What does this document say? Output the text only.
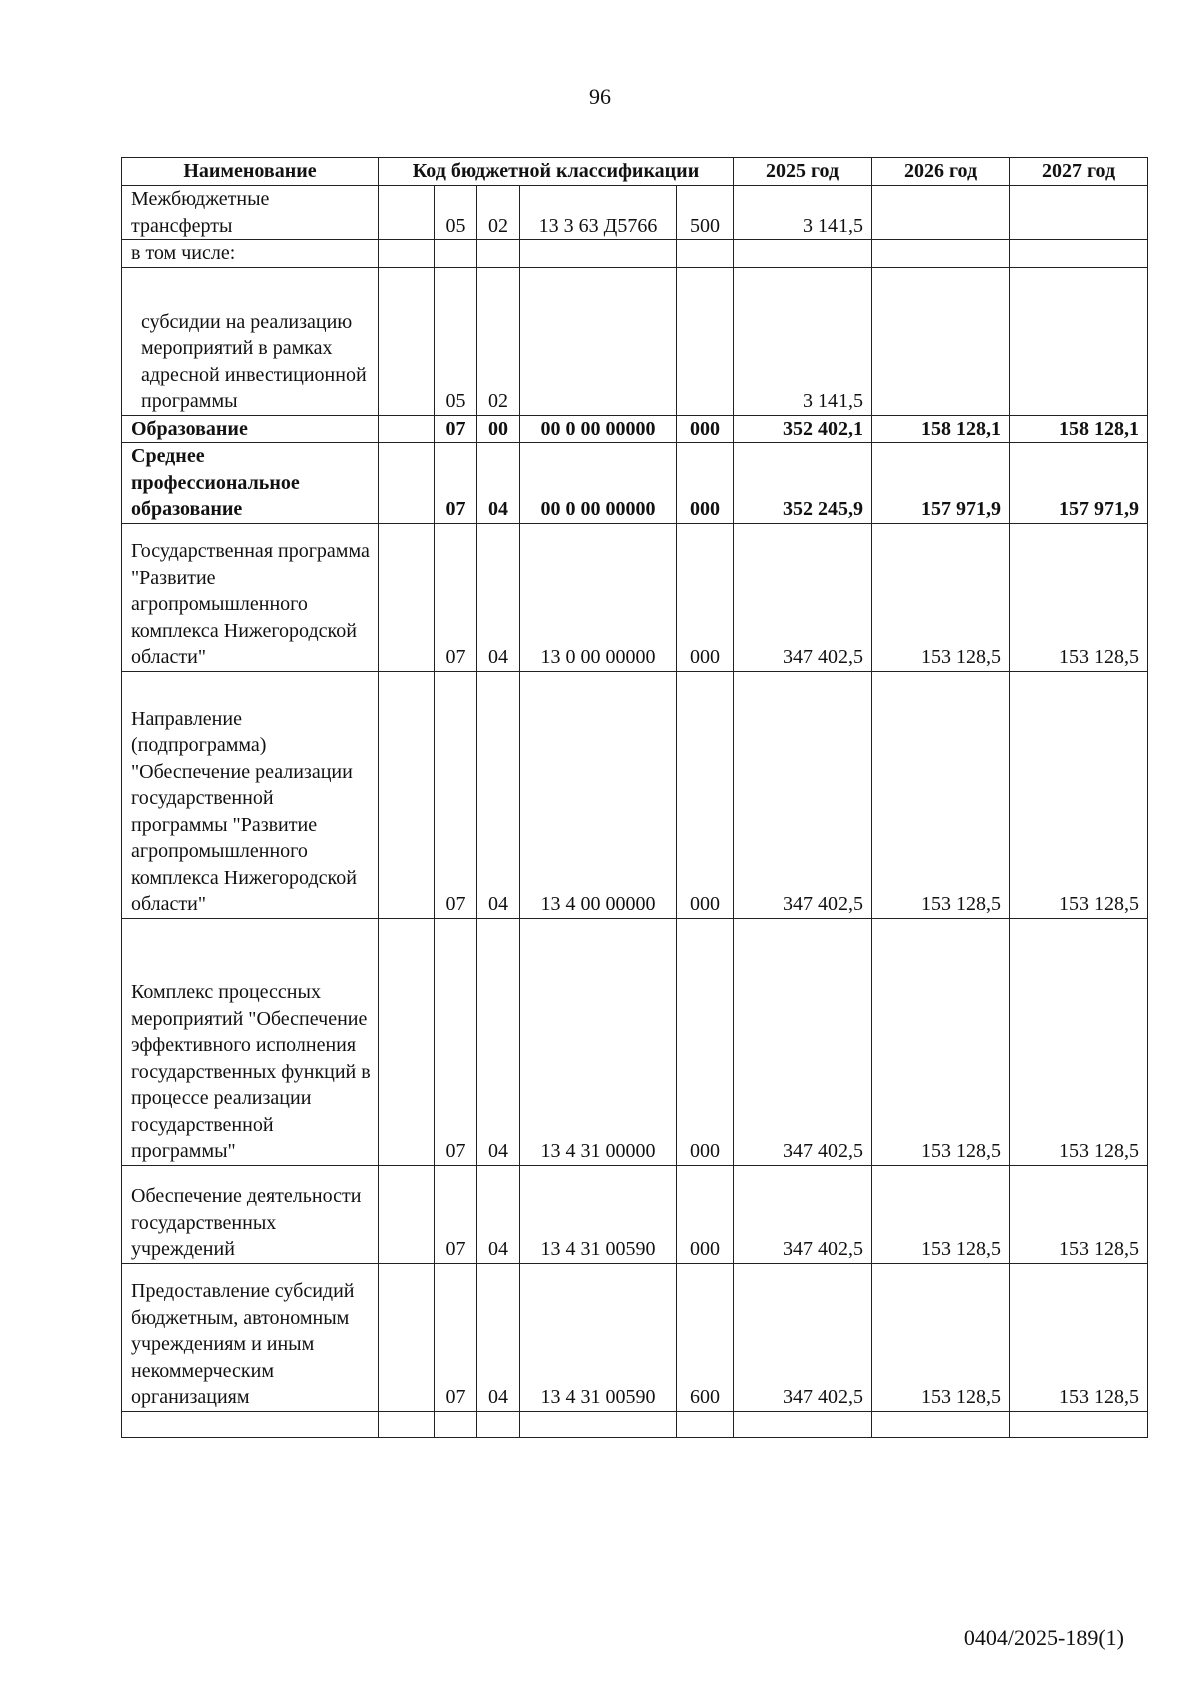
96
Наименование	Код бюджетной классификации					2025 год	2026 год	2027 год
Межбюджетные трансферты		05	02	13 3 63 Д5766	500	3 141,5		
в том числе:								
субсидии на реализацию мероприятий в рамках адресной инвестиционной программы		05	02			3 141,5		
Образование		07	00	00 0 00 00000	000	352 402,1	158 128,1	158 128,1
Среднее профессиональное образование		07	04	00 0 00 00000	000	352 245,9	157 971,9	157 971,9
Государственная программа "Развитие агропромышленного комплекса Нижегородской области"		07	04	13 0 00 00000	000	347 402,5	153 128,5	153 128,5
Направление (подпрограмма) "Обеспечение реализации государственной программы "Развитие агропромышленного комплекса Нижегородской области"		07	04	13 4 00 00000	000	347 402,5	153 128,5	153 128,5
Комплекс процессных мероприятий "Обеспечение эффективного исполнения государственных функций в процессе реализации государственной программы"		07	04	13 4 31 00000	000	347 402,5	153 128,5	153 128,5
Обеспечение деятельности государственных учреждений		07	04	13 4 31 00590	000	347 402,5	153 128,5	153 128,5
Предоставление субсидий бюджетным, автономным учреждениям и иным некоммерческим организациям		07	04	13 4 31 00590	600	347 402,5	153 128,5	153 128,5

0404/2025-189(1)
